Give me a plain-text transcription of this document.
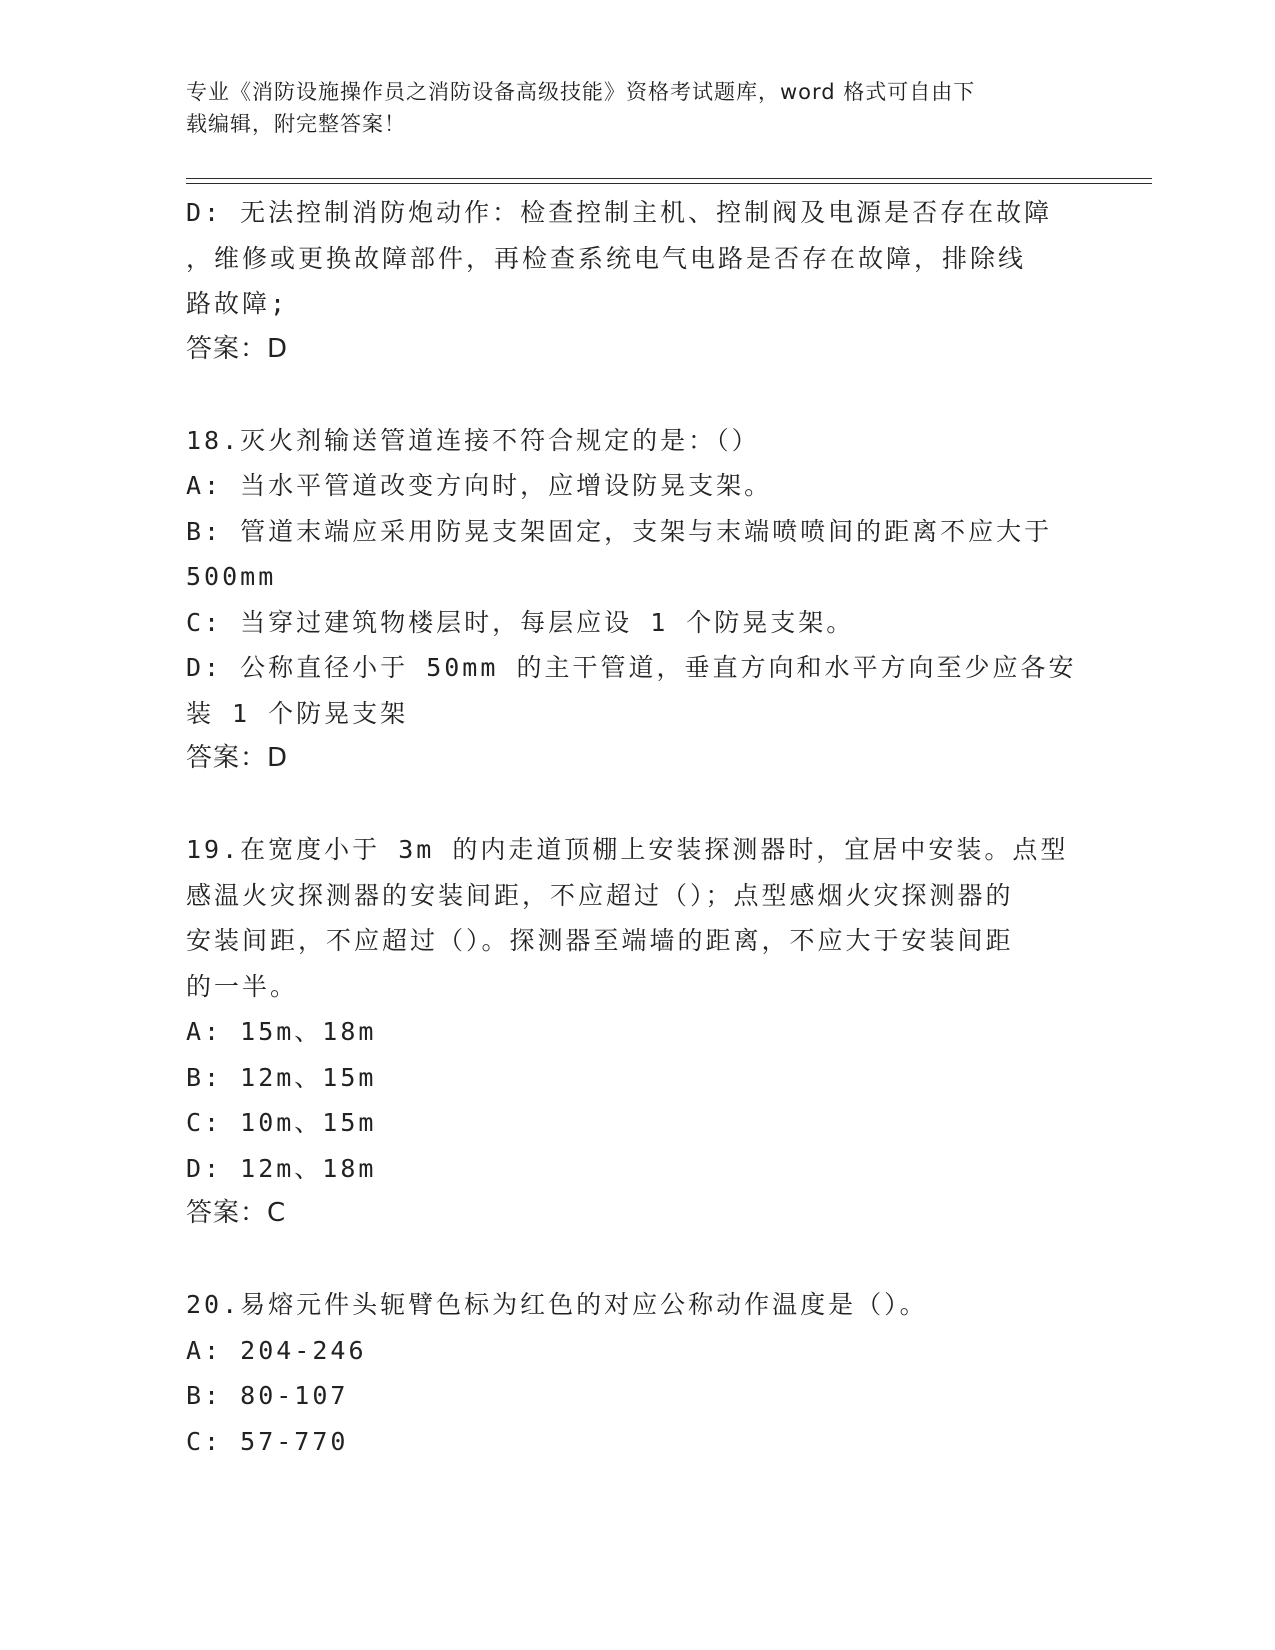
专业《消防设施操作员之消防设备高级技能》资格考试题库，word 格式可自由下
载编辑，附完整答案！
D: 无法控制消防炮动作：检查控制主机、控制阀及电源是否存在故障
，维修或更换故障部件，再检查系统电气电路是否存在故障，排除线
路故障;
答案：D
18.灭火剂输送管道连接不符合规定的是：（）
A: 当水平管道改变方向时，应增设防晃支架。
B: 管道末端应采用防晃支架固定，支架与末端喷喷间的距离不应大于
500mm
C: 当穿过建筑物楼层时，每层应设 1 个防晃支架。
D: 公称直径小于 50mm 的主干管道，垂直方向和水平方向至少应各安
装 1 个防晃支架
答案：D
19.在宽度小于 3m 的内走道顶棚上安装探测器时，宜居中安装。点型
感温火灾探测器的安装间距，不应超过（）；点型感烟火灾探测器的
安装间距，不应超过（）。探测器至端墙的距离，不应大于安装间距
的一半。
A: 15m、18m
B: 12m、15m
C: 10m、15m
D: 12m、18m
答案：C
20.易熔元件头轭臂色标为红色的对应公称动作温度是（）。
A: 204-246
B: 80-107
C: 57-770
